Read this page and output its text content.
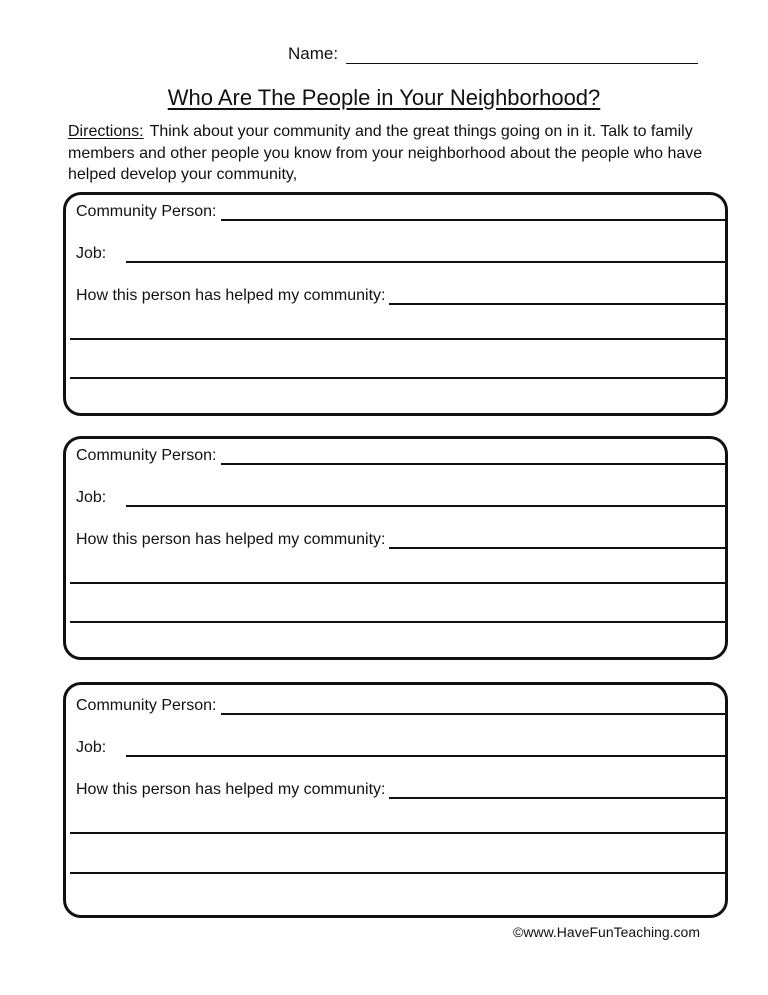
Name:
Who Are The People in Your Neighborhood?
Directions: Think about your community and the great things going on in it. Talk to family members and other people you know from your neighborhood about the people who have helped develop your community,
Community Person:
Job:
How this person has helped my community:
Community Person:
Job:
How this person has helped my community:
Community Person:
Job:
How this person has helped my community:
©www.HaveFunTeaching.com
